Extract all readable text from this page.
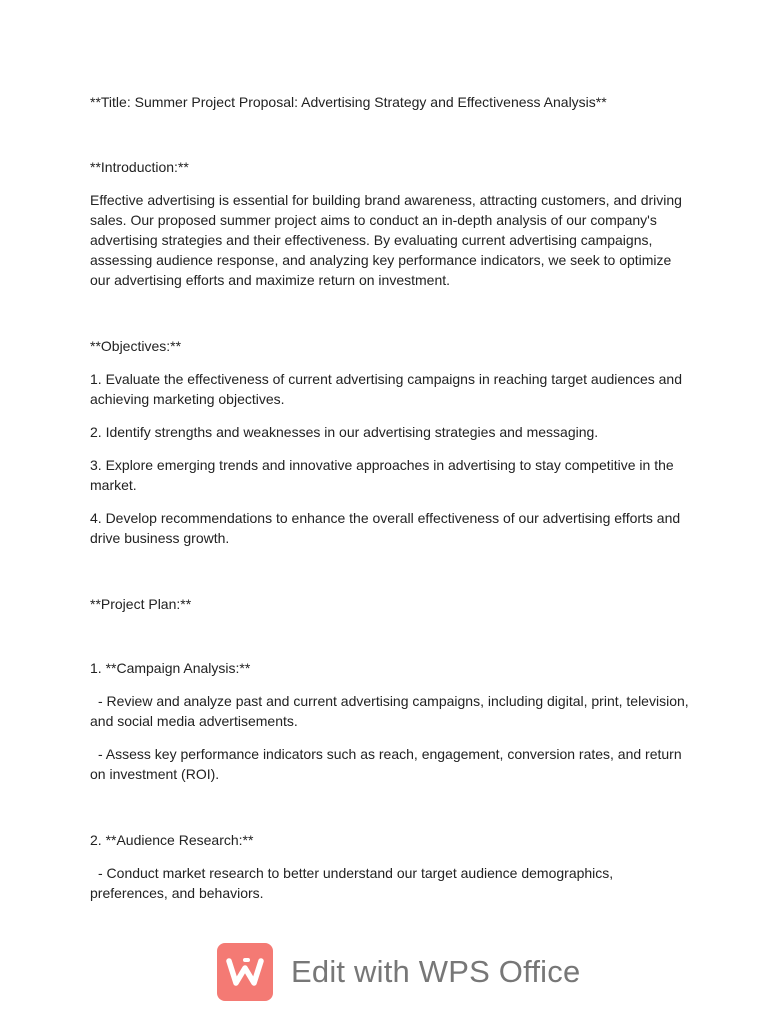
**Title: Summer Project Proposal: Advertising Strategy and Effectiveness Analysis**
**Introduction:**
Effective advertising is essential for building brand awareness, attracting customers, and driving
sales. Our proposed summer project aims to conduct an in-depth analysis of our company's
advertising strategies and their effectiveness. By evaluating current advertising campaigns,
assessing audience response, and analyzing key performance indicators, we seek to optimize
our advertising efforts and maximize return on investment.
**Objectives:**
1. Evaluate the effectiveness of current advertising campaigns in reaching target audiences and
achieving marketing objectives.
2. Identify strengths and weaknesses in our advertising strategies and messaging.
3. Explore emerging trends and innovative approaches in advertising to stay competitive in the
market.
4. Develop recommendations to enhance the overall effectiveness of our advertising efforts and
drive business growth.
**Project Plan:**
1. **Campaign Analysis:**
- Review and analyze past and current advertising campaigns, including digital, print, television,
and social media advertisements.
- Assess key performance indicators such as reach, engagement, conversion rates, and return
on investment (ROI).
2. **Audience Research:**
- Conduct market research to better understand our target audience demographics,
preferences, and behaviors.
Edit with WPS Office
